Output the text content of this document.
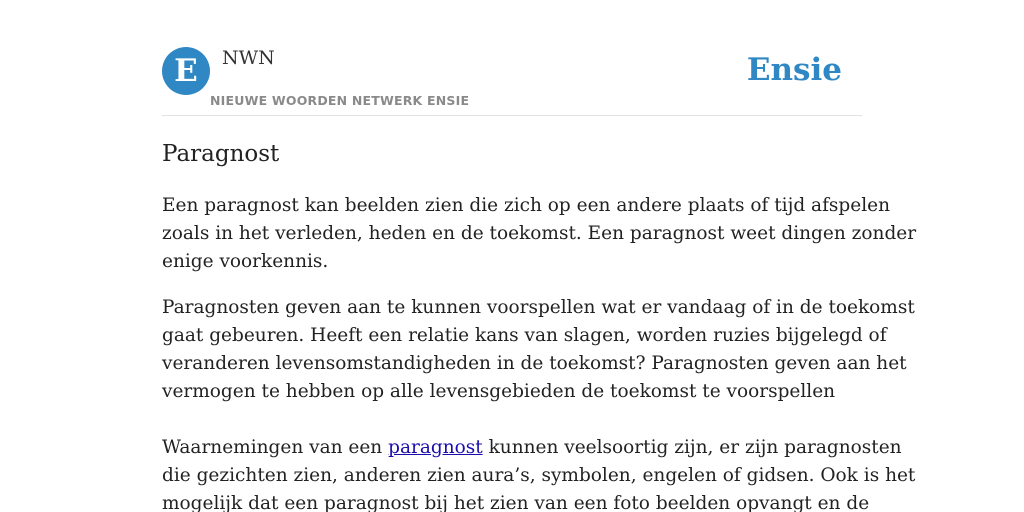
E	NWN
NIEUWE WOORDEN NETWERK ENSIE
Ensie
Paragnost
Een paragnost kan beelden zien die zich op een andere plaats of tijd afspelen
zoals in het verleden, heden en de toekomst. Een paragnost weet dingen zonder
enige voorkennis.
Paragnosten geven aan te kunnen voorspellen wat er vandaag of in de toekomst
gaat gebeuren. Heeft een relatie kans van slagen, worden ruzies bijgelegd of
veranderen levensomstandigheden in de toekomst? Paragnosten geven aan het
vermogen te hebben op alle levensgebieden de toekomst te voorspellen
Waarnemingen van een paragnost kunnen veelsoortig zijn, er zijn paragnosten
die gezichten zien, anderen zien aura’s, symbolen, engelen of gidsen. Ook is het
mogelijk dat een paragnost bij het zien van een foto beelden opvangt en de
